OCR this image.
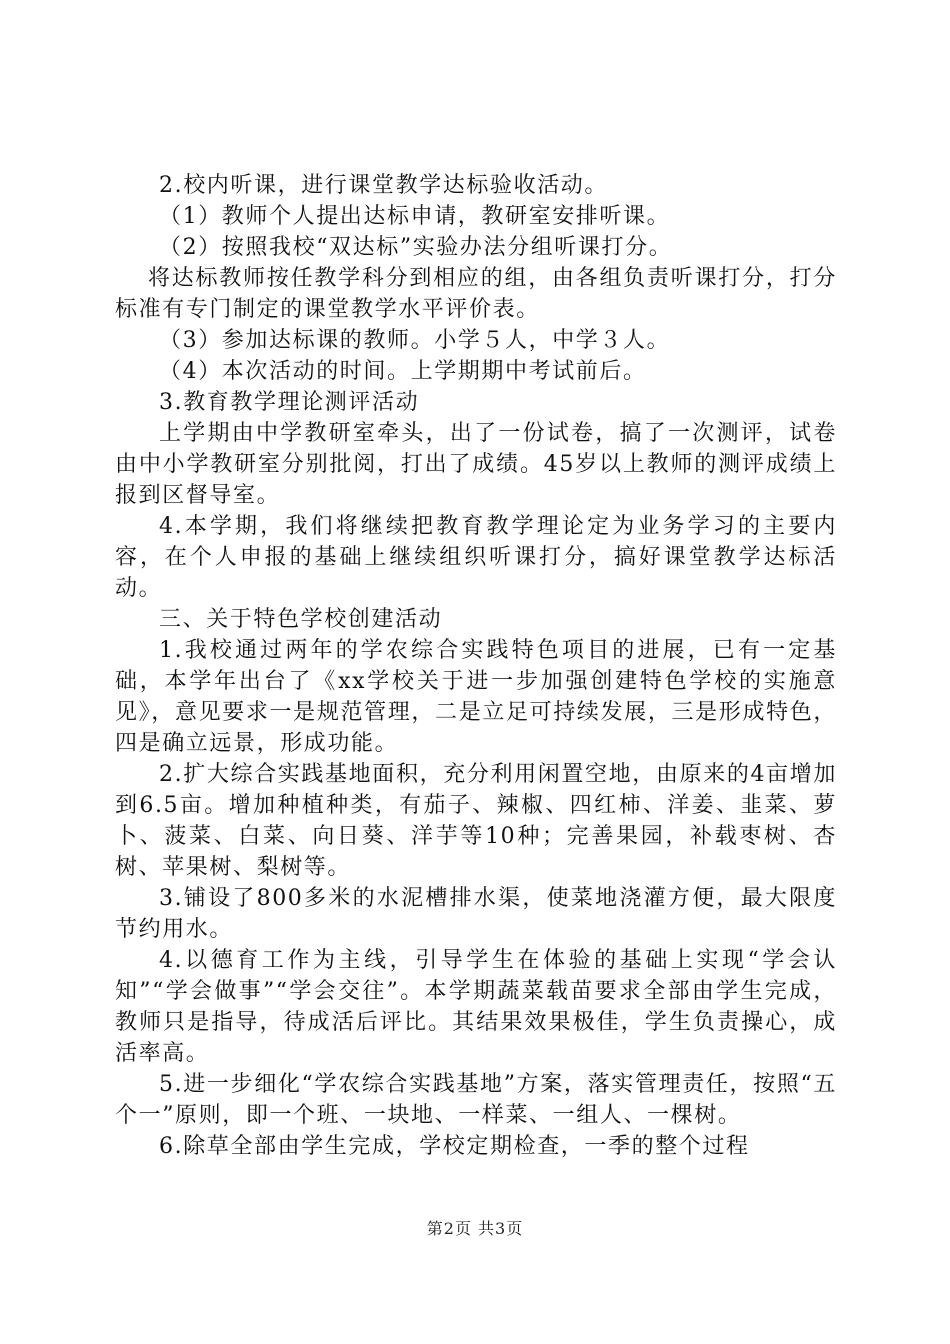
2.校内听课，进行课堂教学达标验收活动。

（1）教师个人提出达标申请，教研室安排听课。

（2）按照我校“双达标”实验办法分组听课打分。

将达标教师按任教学科分到相应的组，由各组负责听课打分，打分标准有专门制定的课堂教学水平评价表。

（3）参加达标课的教师。小学５人，中学３人。

（4）本次活动的时间。上学期期中考试前后。

3.教育教学理论测评活动

上学期由中学教研室牵头，出了一份试卷，搞了一次测评，试卷由中小学教研室分别批阅，打出了成绩。45岁以上教师的测评成绩上报到区督导室。

4.本学期，我们将继续把教育教学理论定为业务学习的主要内容，在个人申报的基础上继续组织听课打分，搞好课堂教学达标活动。

三、关于特色学校创建活动

1.我校通过两年的学农综合实践特色项目的进展，已有一定基础，本学年出台了《xx学校关于进一步加强创建特色学校的实施意见》，意见要求一是规范管理，二是立足可持续发展，三是形成特色，四是确立远景，形成功能。

2.扩大综合实践基地面积，充分利用闲置空地，由原来的4亩增加到6.5亩。增加种植种类，有茄子、辣椒、四红柿、洋姜、韭菜、萝卜、菠菜、白菜、向日葵、洋芋等10种；完善果园，补载枣树、杏树、苹果树、梨树等。

3.铺设了800多米的水泥槽排水渠，使菜地浇灌方便，最大限度节约用水。

4.以德育工作为主线，引导学生在体验的基础上实现“学会认知”“学会做事”“学会交往”。本学期蔬菜载苗要求全部由学生完成，教师只是指导，待成活后评比。其结果效果极佳，学生负责操心，成活率高。

5.进一步细化“学农综合实践基地”方案，落实管理责任，按照“五个一”原则，即一个班、一块地、一样菜、一组人、一棵树。

6.除草全部由学生完成，学校定期检查，一季的整个过程

第2页 共3页
